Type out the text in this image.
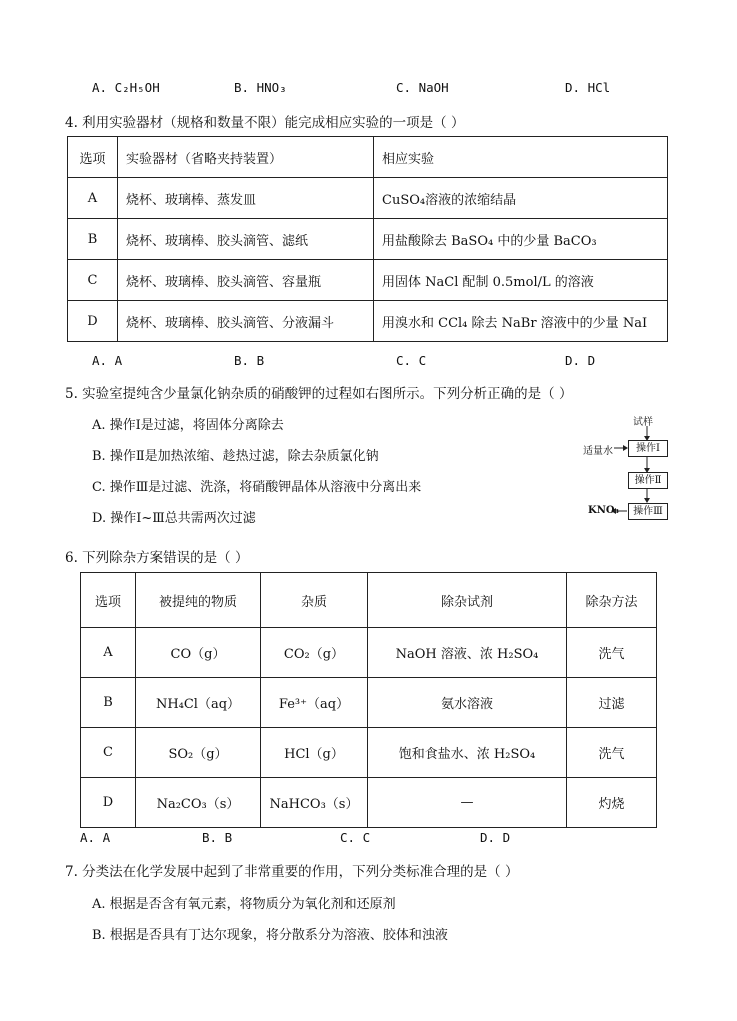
A. C₂H₅OH	B. HNO₃	C. NaOH	D. HCl
4. 利用实验器材（规格和数量不限）能完成相应实验的一项是（ ）
选项	实验器材（省略夹持装置）	相应实验
A	烧杯、玻璃棒、蒸发皿	CuSO₄溶液的浓缩结晶
B	烧杯、玻璃棒、胶头滴管、滤纸	用盐酸除去 BaSO₄ 中的少量 BaCO₃
C	烧杯、玻璃棒、胶头滴管、容量瓶	用固体 NaCl 配制 0.5mol/L 的溶液
D	烧杯、玻璃棒、胶头滴管、分液漏斗	用溴水和 CCl₄ 除去 NaBr 溶液中的少量 NaI
A. A	B. B	C. C	D. D
5. 实验室提纯含少量氯化钠杂质的硝酸钾的过程如右图所示。下列分析正确的是（ ）
A. 操作Ⅰ是过滤，将固体分离除去
B. 操作Ⅱ是加热浓缩、趁热过滤，除去杂质氯化钠
C. 操作Ⅲ是过滤、洗涤，将硝酸钾晶体从溶液中分离出来
D. 操作Ⅰ~Ⅲ总共需两次过滤
试样
适量水	操作Ⅰ
操作Ⅱ
操作Ⅲ
KNO₃
6. 下列除杂方案错误的是（ ）
选项	被提纯的物质	杂质	除杂试剂	除杂方法
A	CO（g）	CO₂（g）	NaOH 溶液、浓 H₂SO₄	洗气
B	NH₄Cl（aq）	Fe³⁺（aq）	氨水溶液	过滤
C	SO₂（g）	HCl（g）	饱和食盐水、浓 H₂SO₄	洗气
D	Na₂CO₃（s）	NaHCO₃（s）	—	灼烧
A. A	B. B	C. C	D. D
7. 分类法在化学发展中起到了非常重要的作用，下列分类标准合理的是（ ）
A. 根据是否含有氧元素，将物质分为氧化剂和还原剂
B. 根据是否具有丁达尔现象，将分散系分为溶液、胶体和浊液
